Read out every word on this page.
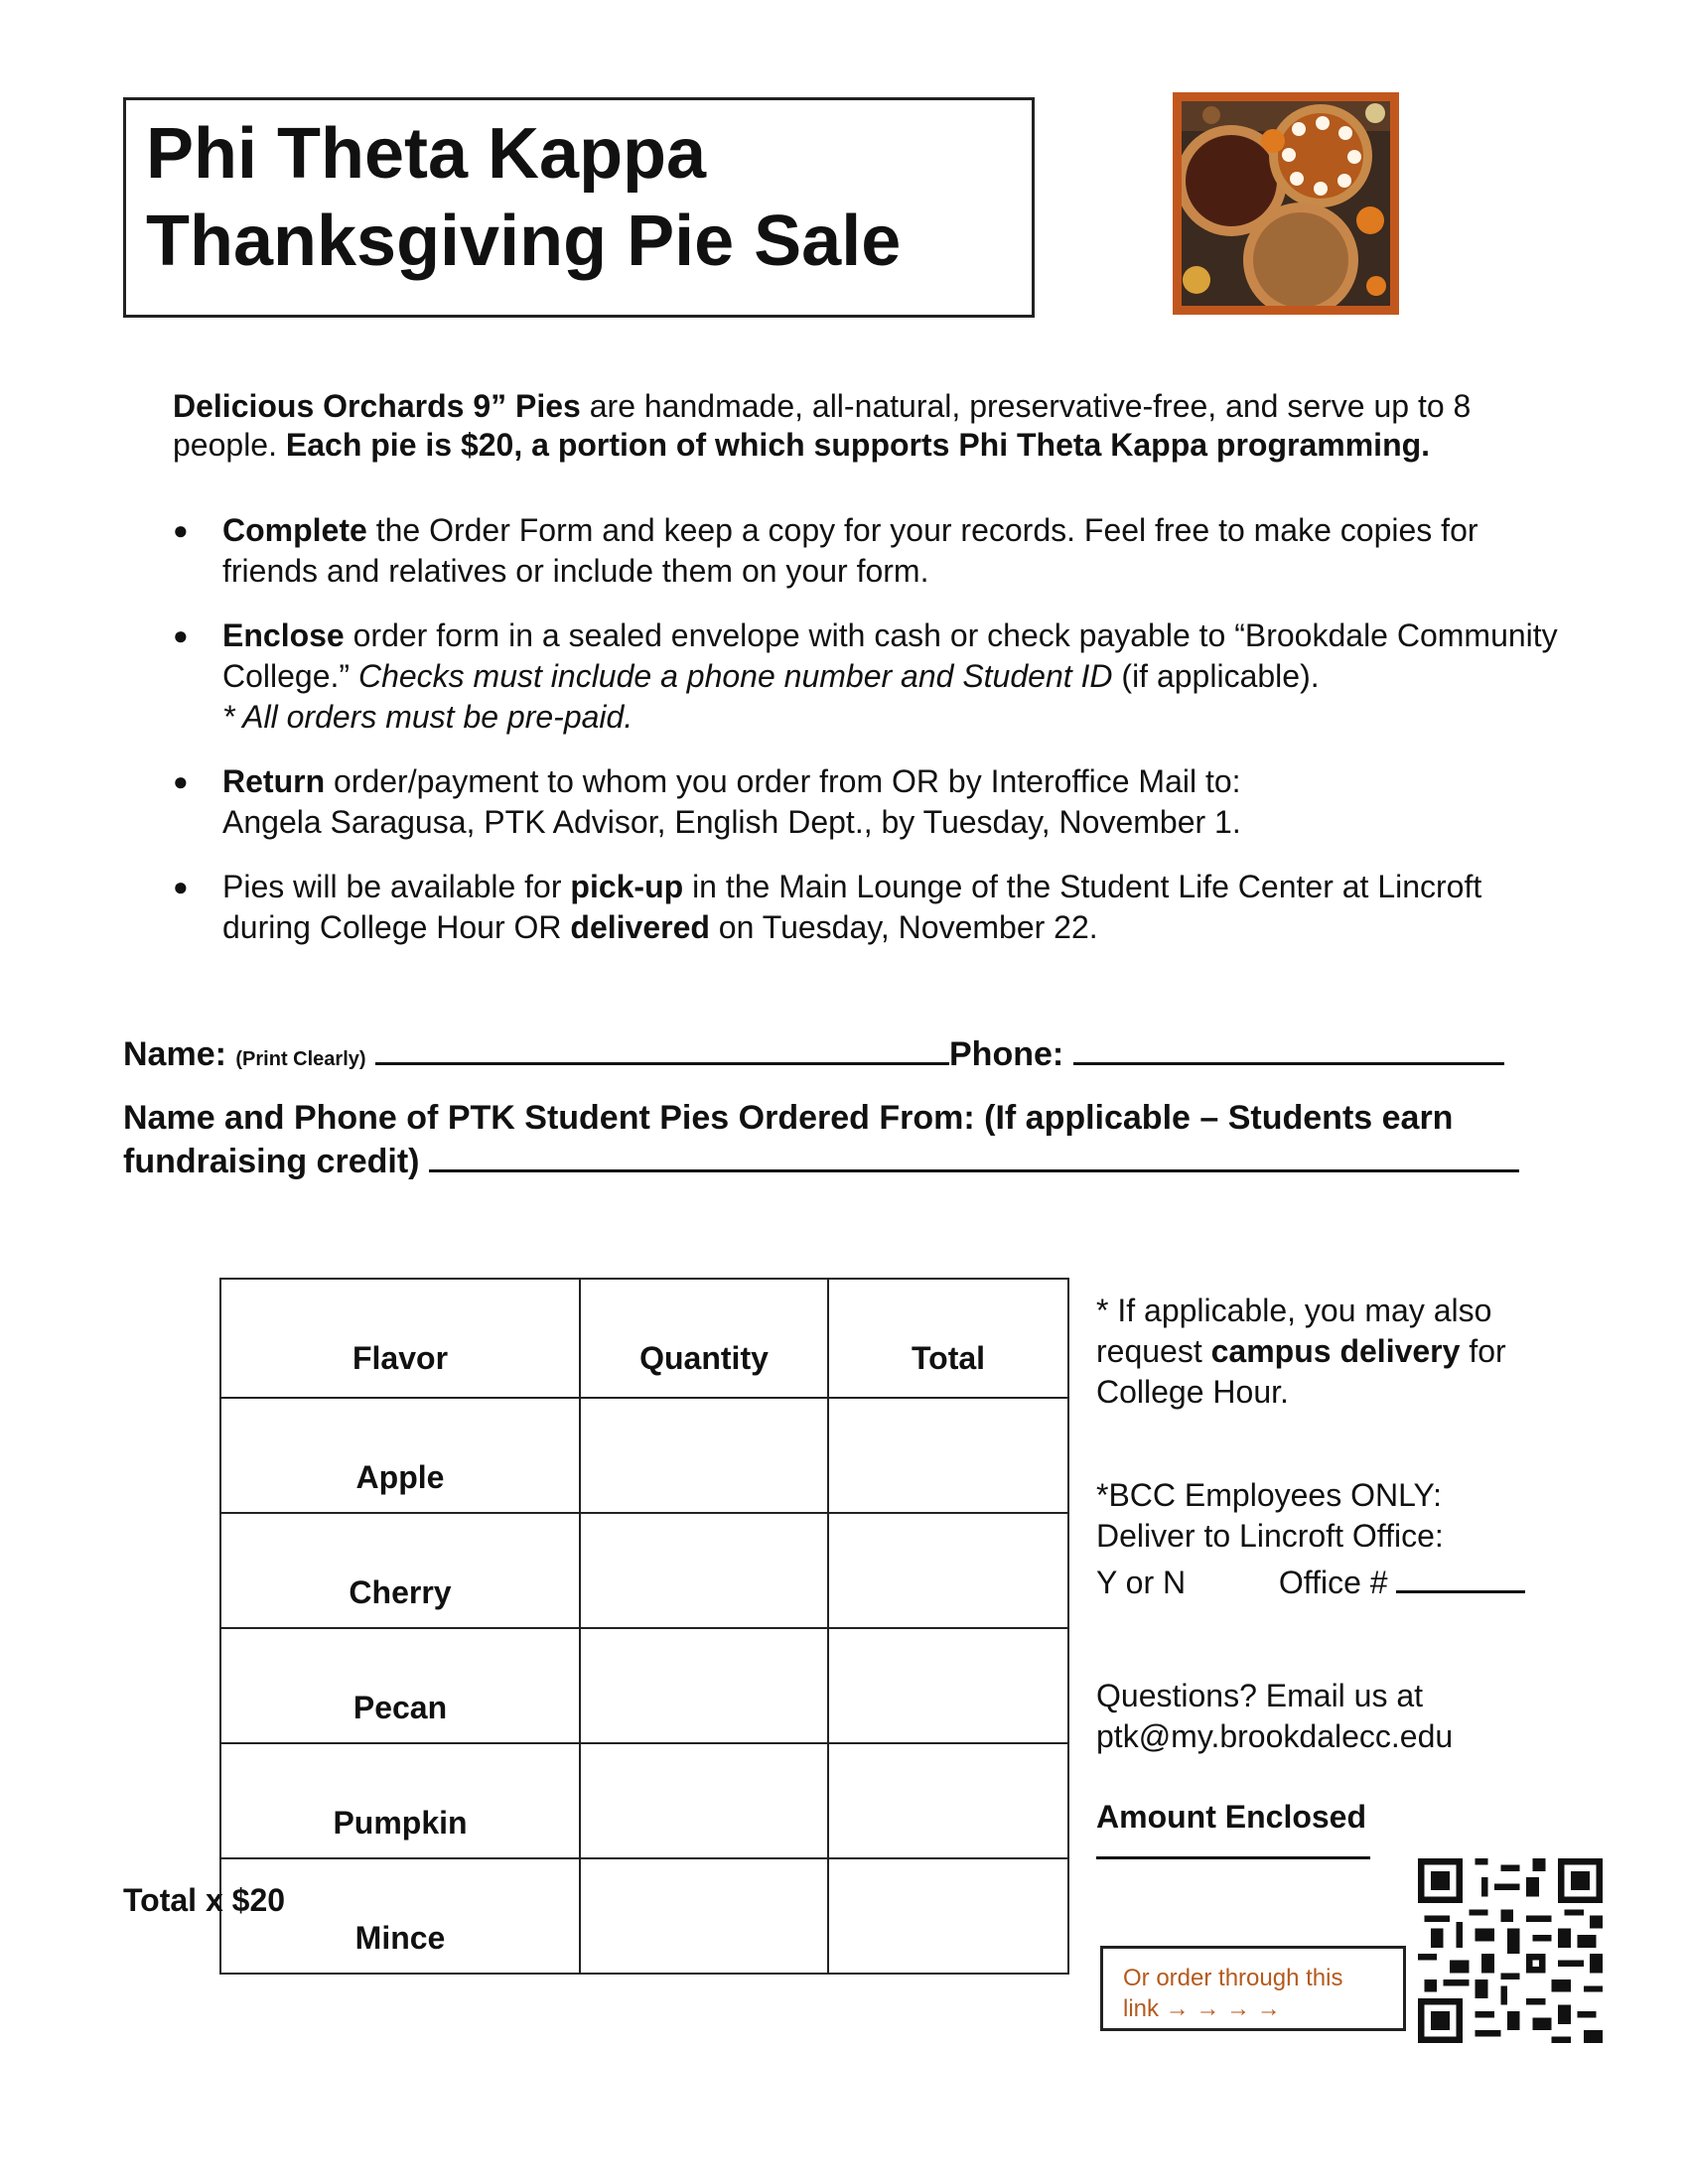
Phi Theta Kappa
Thanksgiving Pie Sale
Delicious Orchards 9” Pies are handmade, all-natural, preservative-free, and serve up to 8 people. Each pie is $20, a portion of which supports Phi Theta Kappa programming.
● Complete the Order Form and keep a copy for your records. Feel free to make copies for friends and relatives or include them on your form.
● Enclose order form in a sealed envelope with cash or check payable to “Brookdale Community College.” Checks must include a phone number and Student ID (if applicable).
* All orders must be pre-paid.
● Return order/payment to whom you order from OR by Interoffice Mail to:
Angela Saragusa, PTK Advisor, English Dept., by Tuesday, November 1.
● Pies will be available for pick-up in the Main Lounge of the Student Life Center at Lincroft during College Hour OR delivered on Tuesday, November 22.
Name: (Print Clearly)	Phone:
Name and Phone of PTK Student Pies Ordered From: (If applicable – Students earn
fundraising credit)
Flavor	Quantity	Total
Apple		
Cherry		
Pecan		
Pumpkin		
Mince		
Total x $20
* If applicable, you may also request campus delivery for College Hour.
*BCC Employees ONLY:
Deliver to Lincroft Office:
Y or N	Office #
Questions? Email us at
ptk@my.brookdalecc.edu
Amount Enclosed
Or order through this
link → → → →
